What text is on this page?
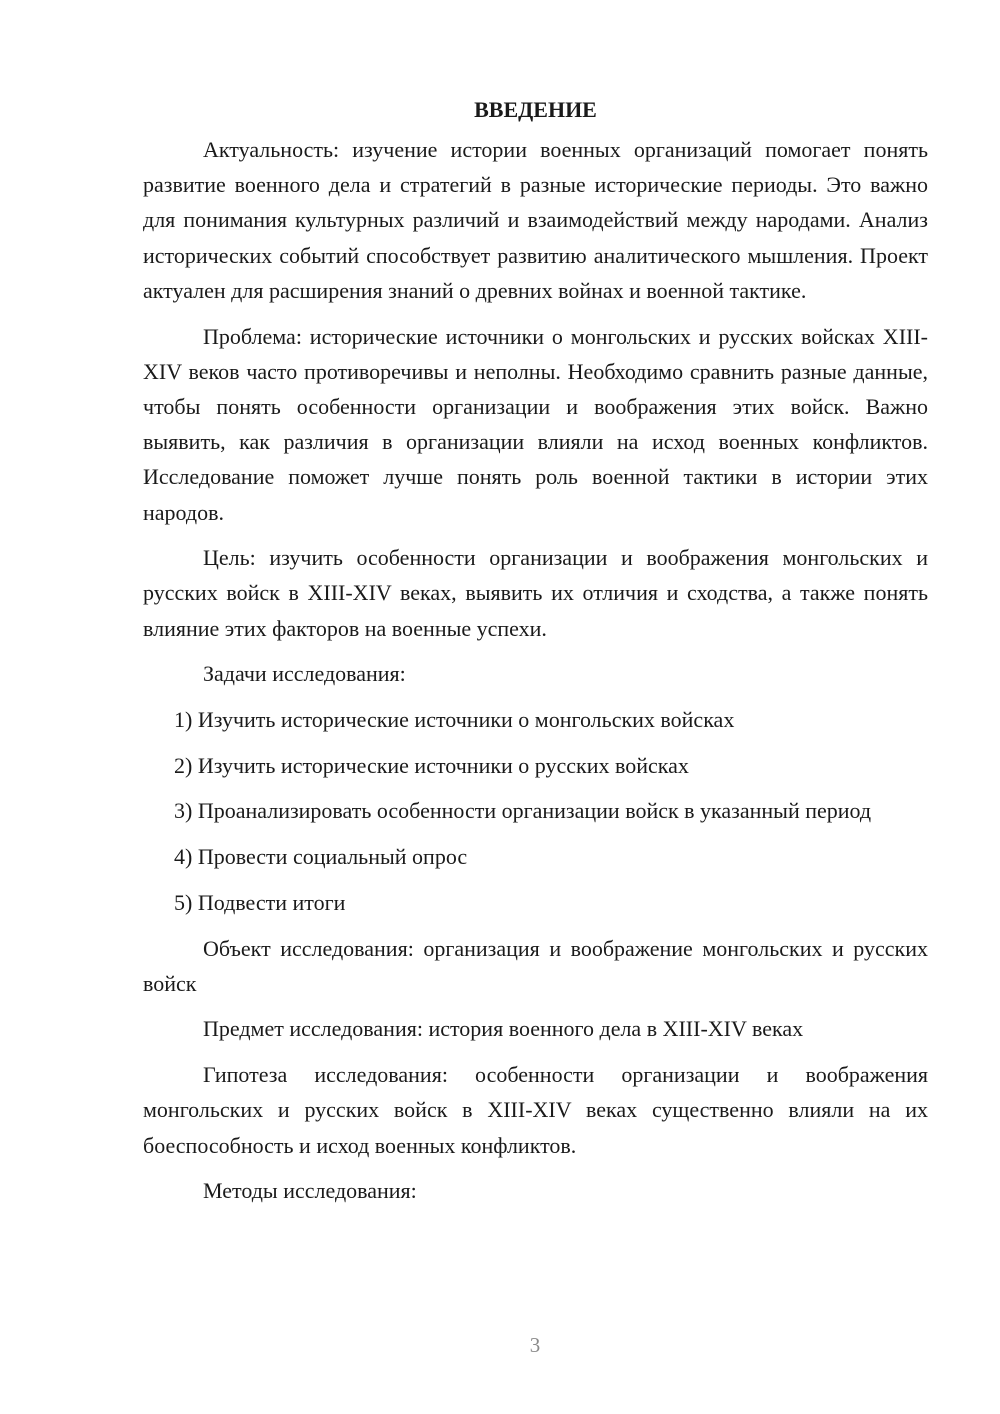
ВВЕДЕНИЕ

Актуальность: изучение истории военных организаций помогает понять развитие военного дела и стратегий в разные исторические периоды. Это важно для понимания культурных различий и взаимодействий между народами. Анализ исторических событий способствует развитию аналитического мышления. Проект актуален для расширения знаний о древних войнах и военной тактике.

Проблема: исторические источники о монгольских и русских войсках XIII-XIV веков часто противоречивы и неполны. Необходимо сравнить разные данные, чтобы понять особенности организации и воображения этих войск. Важно выявить, как различия в организации влияли на исход военных конфликтов. Исследование поможет лучше понять роль военной тактики в истории этих народов.

Цель: изучить особенности организации и воображения монгольских и русских войск в XIII-XIV веках, выявить их отличия и сходства, а также понять влияние этих факторов на военные успехи.

Задачи исследования:

1) Изучить исторические источники о монгольских войсках

2) Изучить исторические источники о русских войсках

3) Проанализировать особенности организации войск в указанный период

4) Провести социальный опрос

5) Подвести итоги

Объект исследования: организация и воображение монгольских и русских войск

Предмет исследования: история военного дела в XIII-XIV веках

Гипотеза исследования: особенности организации и воображения монгольских и русских войск в XIII-XIV веках существенно влияли на их боеспособность и исход военных конфликтов.

Методы исследования:

3
